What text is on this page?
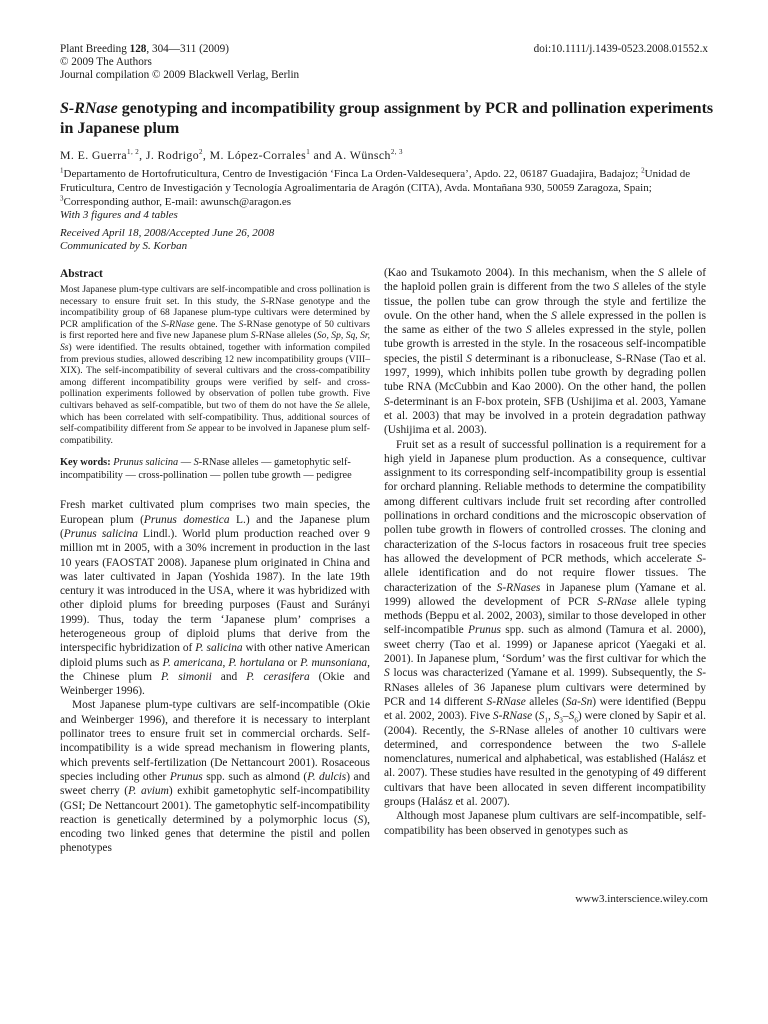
Plant Breeding 128, 304—311 (2009)
© 2009 The Authors
Journal compilation © 2009 Blackwell Verlag, Berlin
doi:10.1111/j.1439-0523.2008.01552.x
S-RNase genotyping and incompatibility group assignment by PCR and pollination experiments in Japanese plum
M. E. Guerra$^{1, 2}$, J. Rodrigo$^2$, M. López-Corrales$^1$ and A. Wünsch$^{2, 3}$
$^1$Departamento de Hortofruticultura, Centro de Investigación ‘Finca La Orden-Valdesequera’, Apdo. 22, 06187 Guadajira, Badajoz; $^2$Unidad de Fruticultura, Centro de Investigación y Tecnología Agroalimentaria de Aragón (CITA), Avda. Montañana 930, 50059 Zaragoza, Spain; $^3$Corresponding author, E-mail: awunsch@aragon.es
With 3 figures and 4 tables
Received April 18, 2008/Accepted June 26, 2008
Communicated by S. Korban

Abstract

Most Japanese plum-type cultivars are self-incompatible and cross pollination is necessary to ensure fruit set. In this study, the S-RNase genotype and the incompatibility group of 68 Japanese plum-type cultivars were determined by PCR amplification of the S-RNase gene. The S-RNase genotype of 50 cultivars is first reported here and five new Japanese plum S-RNase alleles (So, Sp, Sq, Sr, Ss) were identified. The results obtained, together with information compiled from previous studies, allowed describing 12 new incompatibility groups (VIII–XIX). The self-incompatibility of several cultivars and the cross-compatibility among different incompatibility groups were verified by self- and cross-pollination experiments followed by observation of pollen tube growth. Five cultivars behaved as self-compatible, but two of them do not have the Se allele, which has been correlated with self-compatibility. Thus, additional sources of self-compatibility different from Se appear to be involved in Japanese plum self-compatibility.

Key words: Prunus salicina — S-RNase alleles — gametophytic self-incompatibility — cross-pollination — pollen tube growth — pedigree

Fresh market cultivated plum comprises two main species, the European plum (Prunus domestica L.) and the Japanese plum (Prunus salicina Lindl.). World plum production reached over 9 million mt in 2005, with a 30% increment in production in the last 10 years (FAOSTAT 2008). Japanese plum originated in China and was later cultivated in Japan (Yoshida 1987). In the late 19th century it was introduced in the USA, where it was hybridized with other diploid plums for breeding purposes (Faust and Surányi 1999). Thus, today the term ‘Japanese plum’ comprises a heterogeneous group of diploid plums that derive from the interspecific hybridization of P. salicina with other native American diploid plums such as P. americana, P. hortulana or P. munsoniana, the Chinese plum P. simonii and P. cerasifera (Okie and Weinberger 1996).

Most Japanese plum-type cultivars are self-incompatible (Okie and Weinberger 1996), and therefore it is necessary to interplant pollinator trees to ensure fruit set in commercial orchards. Self-incompatibility is a wide spread mechanism in flowering plants, which prevents self-fertilization (De Nettancourt 2001). Rosaceous species including other Prunus spp. such as almond (P. dulcis) and sweet cherry (P. avium) exhibit gametophytic self-incompatibility (GSI; De Nettancourt 2001). The gametophytic self-incompatibility reaction is genetically determined by a polymorphic locus (S), encoding two linked genes that determine the pistil and pollen phenotypes

(Kao and Tsukamoto 2004). In this mechanism, when the S allele of the haploid pollen grain is different from the two S alleles of the style tissue, the pollen tube can grow through the style and fertilize the ovule. On the other hand, when the S allele expressed in the pollen is the same as either of the two S alleles expressed in the style, pollen tube growth is arrested in the style. In the rosaceous self-incompatible species, the pistil S determinant is a ribonuclease, S-RNase (Tao et al. 1997, 1999), which inhibits pollen tube growth by degrading pollen tube RNA (McCubbin and Kao 2000). On the other hand, the pollen S-determinant is an F-box protein, SFB (Ushijima et al. 2003, Yamane et al. 2003) that may be involved in a protein degradation pathway (Ushijima et al. 2003).

Fruit set as a result of successful pollination is a requirement for a high yield in Japanese plum production. As a consequence, cultivar assignment to its corresponding self-incompatibility group is essential for orchard planning. Reliable methods to determine the compatibility among different cultivars include fruit set recording after controlled pollinations in orchard conditions and the microscopic observation of pollen tube growth in flowers of controlled crosses. The cloning and characterization of the S-locus factors in rosaceous fruit tree species has allowed the development of PCR methods, which accelerate S-allele identification and do not require flower tissues. The characterization of the S-RNases in Japanese plum (Yamane et al. 1999) allowed the development of PCR S-RNase allele typing methods (Beppu et al. 2002, 2003), similar to those developed in other self-incompatible Prunus spp. such as almond (Tamura et al. 2000), sweet cherry (Tao et al. 1999) or Japanese apricot (Yaegaki et al. 2001). In Japanese plum, ‘Sordum’ was the first cultivar for which the S locus was characterized (Yamane et al. 1999). Subsequently, the S-RNases alleles of 36 Japanese plum cultivars were determined by PCR and 14 different S-RNase alleles (Sa-Sn) were identified (Beppu et al. 2002, 2003). Five S-RNase ($S_1$, $S_3-S_6$) were cloned by Sapir et al. (2004). Recently, the S-RNase alleles of another 10 cultivars were determined, and correspondence between the two S-allele nomenclatures, numerical and alphabetical, was established (Halász et al. 2007). These studies have resulted in the genotyping of 49 different cultivars that have been allocated in seven different incompatibility groups (Halász et al. 2007).

Although most Japanese plum cultivars are self-incompatible, self-compatibility has been observed in genotypes such as

www3.interscience.wiley.com
